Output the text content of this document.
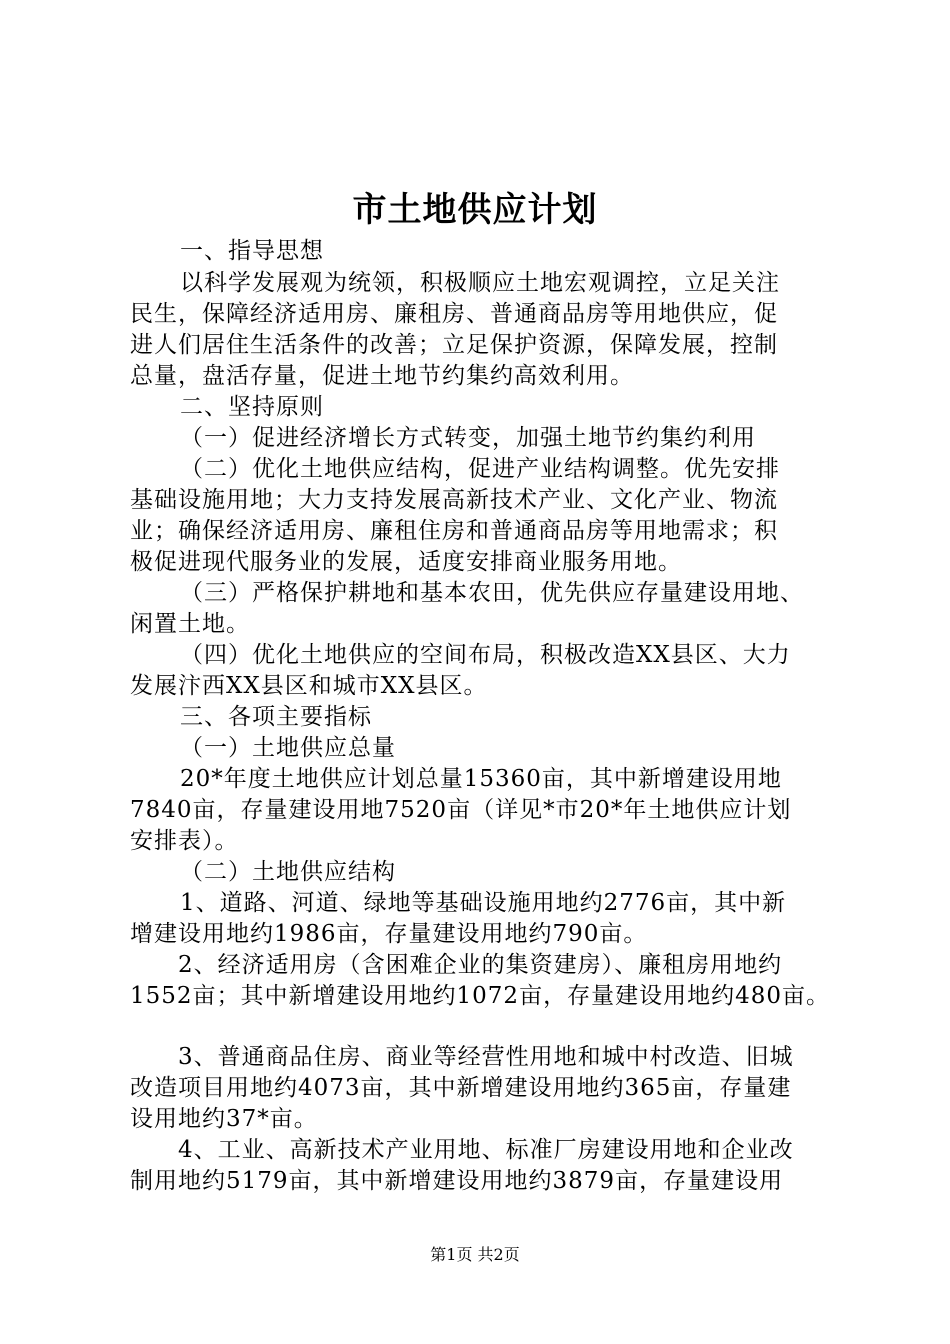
市土地供应计划
一、指导思想
以科学发展观为统领，积极顺应土地宏观调控，立足关注
民生，保障经济适用房、廉租房、普通商品房等用地供应，促
进人们居住生活条件的改善；立足保护资源，保障发展，控制
总量，盘活存量，促进土地节约集约高效利用。
二、坚持原则
（一）促进经济增长方式转变，加强土地节约集约利用
（二）优化土地供应结构，促进产业结构调整。优先安排
基础设施用地；大力支持发展高新技术产业、文化产业、物流
业；确保经济适用房、廉租住房和普通商品房等用地需求；积
极促进现代服务业的发展，适度安排商业服务用地。
（三）严格保护耕地和基本农田，优先供应存量建设用地、
闲置土地。
（四）优化土地供应的空间布局，积极改造XX县区、大力
发展汴西XX县区和城市XX县区。
三、各项主要指标
（一）土地供应总量
20*年度土地供应计划总量15360亩，其中新增建设用地
7840亩，存量建设用地7520亩（详见*市20*年土地供应计划
安排表）。
（二）土地供应结构
1、道路、河道、绿地等基础设施用地约2776亩，其中新
增建设用地约1986亩，存量建设用地约790亩。
2、经济适用房（含困难企业的集资建房）、廉租房用地约
1552亩；其中新增建设用地约1072亩，存量建设用地约480亩。
3、普通商品住房、商业等经营性用地和城中村改造、旧城
改造项目用地约4073亩，其中新增建设用地约365亩，存量建
设用地约37*亩。
4、工业、高新技术产业用地、标准厂房建设用地和企业改
制用地约5179亩，其中新增建设用地约3879亩，存量建设用
第1页 共2页
